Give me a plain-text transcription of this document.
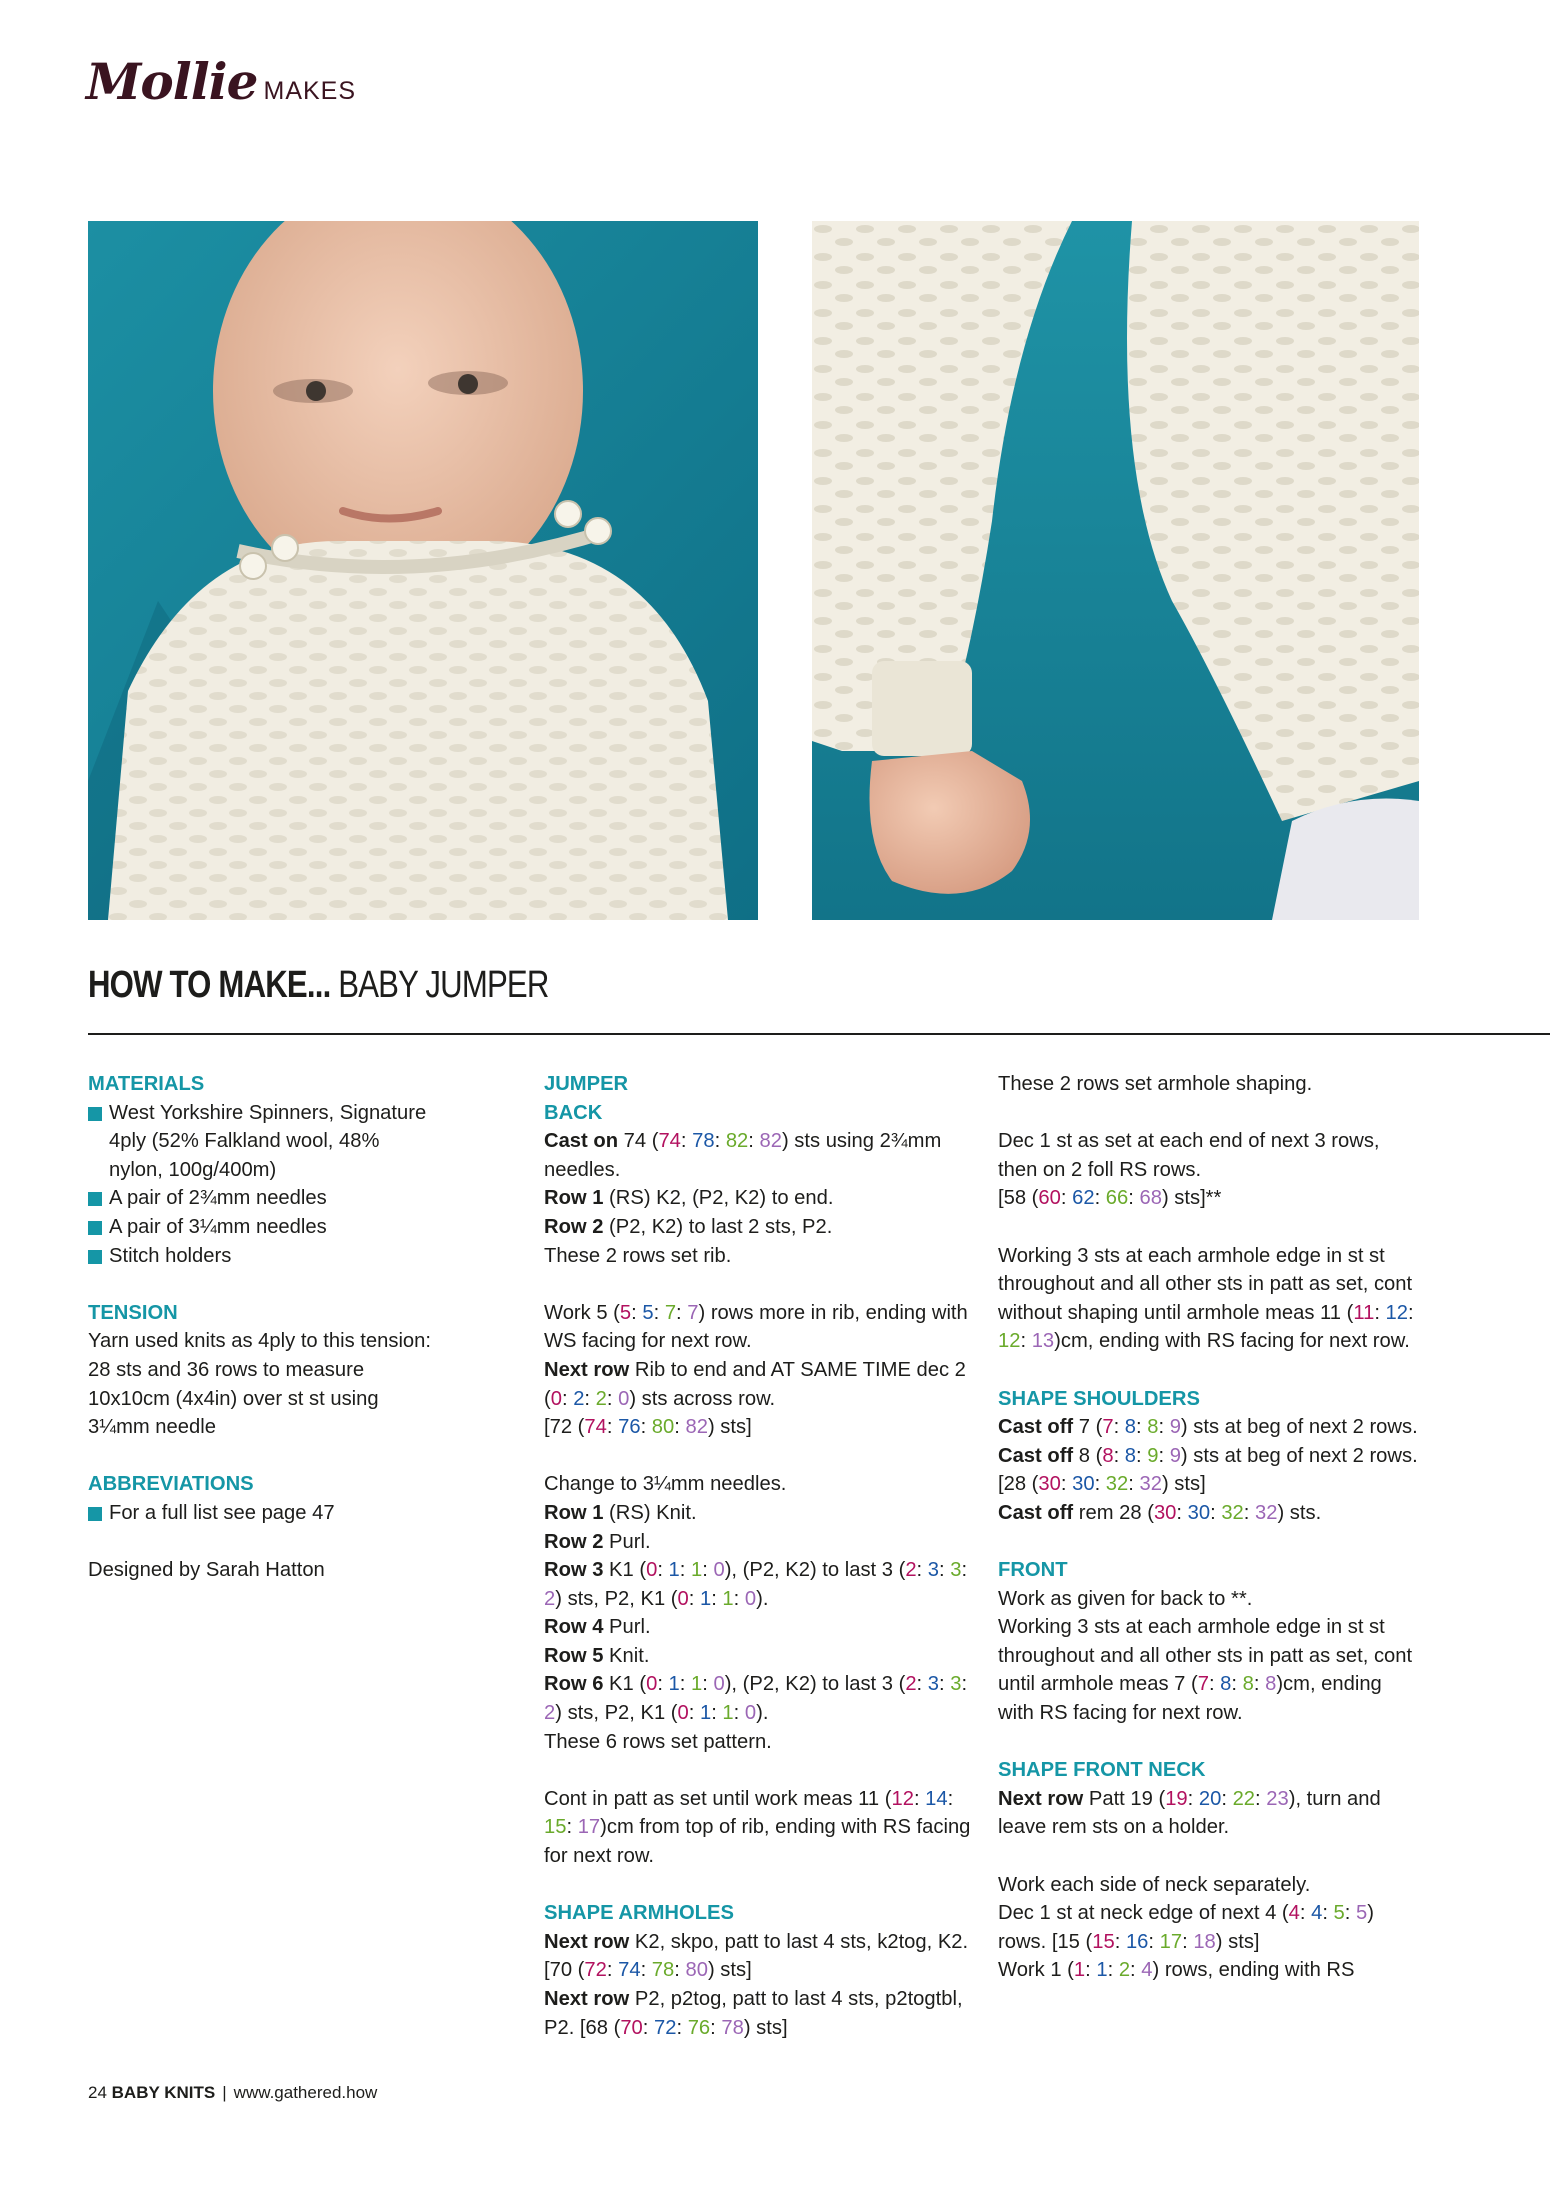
Mollie MAKES
HOW TO MAKE... BABY JUMPER
MATERIALS
West Yorkshire Spinners, Signature 4ply (52% Falkland wool, 48% nylon, 100g/400m)
A pair of 2¾mm needles
A pair of 3¼mm needles
Stitch holders
TENSION
Yarn used knits as 4ply to this tension: 28 sts and 36 rows to measure 10x10cm (4x4in) over st st using 3¼mm needle
ABBREVIATIONS
For a full list see page 47
Designed by Sarah Hatton
JUMPER
BACK
Cast on 74 (74: 78: 82: 82) sts using 2¾mm needles.
Row 1 (RS) K2, (P2, K2) to end.
Row 2 (P2, K2) to last 2 sts, P2.
These 2 rows set rib.
Work 5 (5: 5: 7: 7) rows more in rib, ending with WS facing for next row.
Next row Rib to end and AT SAME TIME dec 2 (0: 2: 2: 0) sts across row.
[72 (74: 76: 80: 82) sts]
Change to 3¼mm needles.
Row 1 (RS) Knit.
Row 2 Purl.
Row 3 K1 (0: 1: 1: 0), (P2, K2) to last 3 (2: 3: 3: 2) sts, P2, K1 (0: 1: 1: 0).
Row 4 Purl.
Row 5 Knit.
Row 6 K1 (0: 1: 1: 0), (P2, K2) to last 3 (2: 3: 3: 2) sts, P2, K1 (0: 1: 1: 0).
These 6 rows set pattern.
Cont in patt as set until work meas 11 (12: 14: 15: 17)cm from top of rib, ending with RS facing for next row.
SHAPE ARMHOLES
Next row K2, skpo, patt to last 4 sts, k2tog, K2. [70 (72: 74: 78: 80) sts]
Next row P2, p2tog, patt to last 4 sts, p2togtbl, P2. [68 (70: 72: 76: 78) sts]
These 2 rows set armhole shaping.
Dec 1 st as set at each end of next 3 rows, then on 2 foll RS rows.
[58 (60: 62: 66: 68) sts]**
Working 3 sts at each armhole edge in st st throughout and all other sts in patt as set, cont without shaping until armhole meas 11 (11: 12: 12: 13)cm, ending with RS facing for next row.
SHAPE SHOULDERS
Cast off 7 (7: 8: 8: 9) sts at beg of next 2 rows.
Cast off 8 (8: 8: 9: 9) sts at beg of next 2 rows. [28 (30: 30: 32: 32) sts]
Cast off rem 28 (30: 30: 32: 32) sts.
FRONT
Work as given for back to **.
Working 3 sts at each armhole edge in st st throughout and all other sts in patt as set, cont until armhole meas 7 (7: 8: 8: 8)cm, ending with RS facing for next row.
SHAPE FRONT NECK
Next row Patt 19 (19: 20: 22: 23), turn and leave rem sts on a holder.
Work each side of neck separately.
Dec 1 st at neck edge of next 4 (4: 4: 5: 5) rows. [15 (15: 16: 17: 18) sts]
Work 1 (1: 1: 2: 4) rows, ending with RS
24 BABY KNITS | www.gathered.how
